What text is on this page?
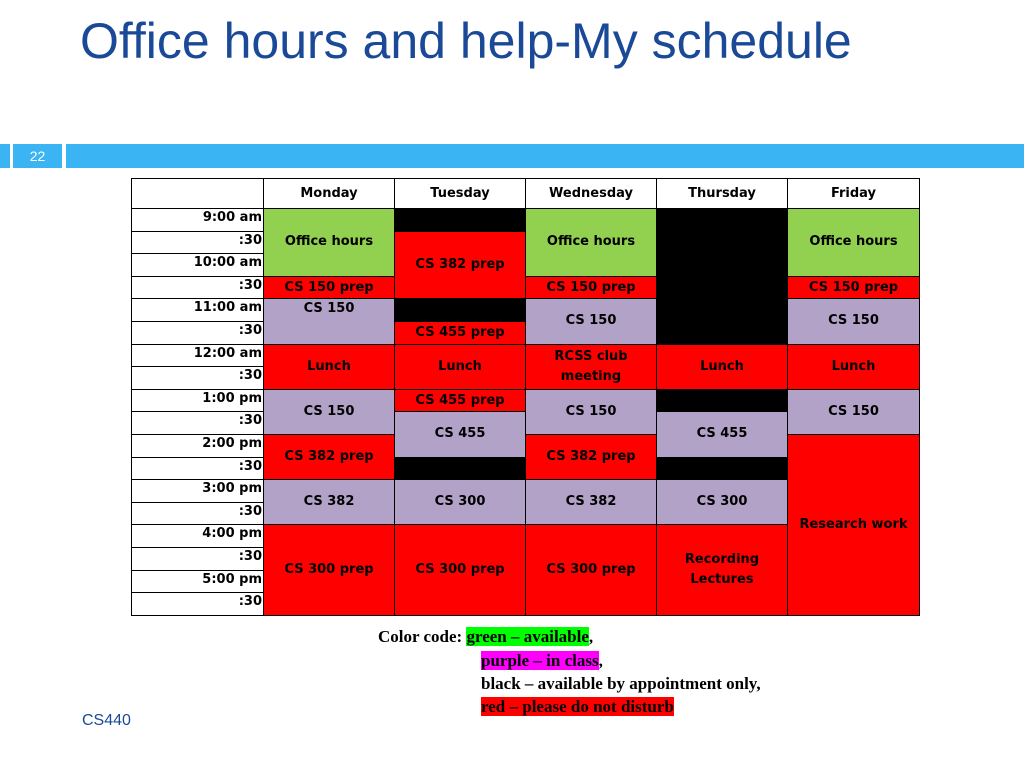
Office hours and help-My schedule
22
	Monday	Tuesday	Wednesday	Thursday	Friday
9:00 am	Office hours		Office hours		Office hours
:30		CS 382 prep			
10:00 am					
:30	CS 150 prep		CS 150 prep		CS 150 prep
11:00 am	CS 150		CS 150		CS 150
:30		CS 455 prep			
12:00 am	Lunch	Lunch	RCSS club meeting	Lunch	Lunch
:30					
1:00 pm	CS 150	CS 455 prep	CS 150		CS 150
:30		CS 455		CS 455	
2:00 pm	CS 382 prep		CS 382 prep		Research work
:30					
3:00 pm	CS 382	CS 300	CS 382	CS 300	
:30					
4:00 pm	CS 300 prep	CS 300 prep	CS 300 prep	Recording Lectures	
:30					
5:00 pm					
:30					
Color code: green – available,
purple – in class,
black – available by appointment only,
red – please do not disturb
CS440
